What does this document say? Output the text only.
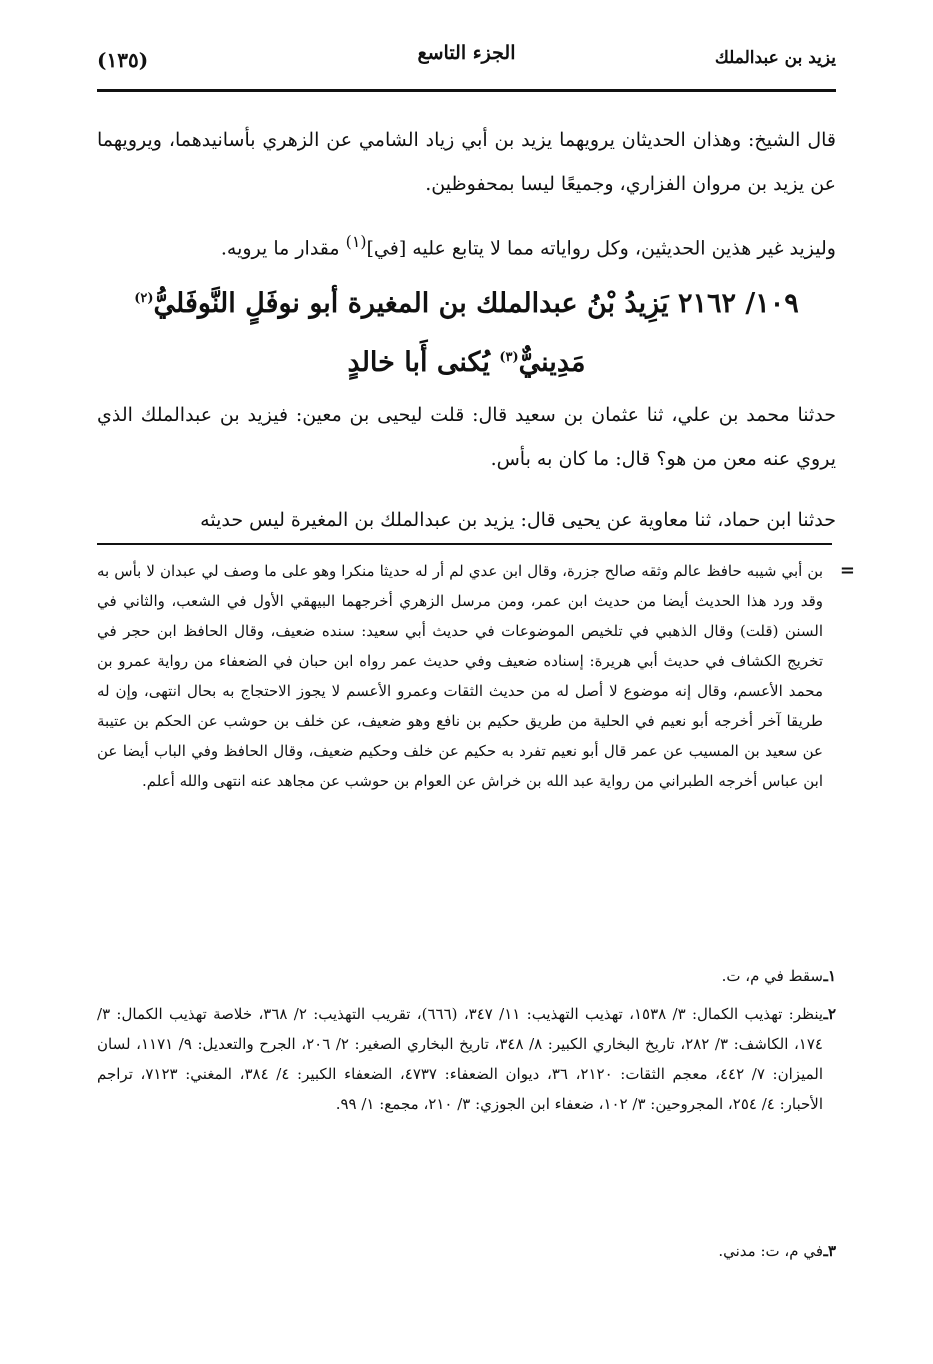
يزيد بن عبدالملك
الجزء التاسع
(١٣٥)
قال الشيخ: وهذان الحديثان يرويهما يزيد بن أبي زياد الشامي عن الزهري بأسانيدهما، ويرويهما عن يزيد بن مروان الفزاري، وجميعًا ليسا بمحفوظين.
وليزيد غير هذين الحديثين، وكل رواياته مما لا يتابع عليه [في]$^{(١)}$ مقدار ما يرويه.
١٠٩/ ٢١٦٢ يَزِيدُ بْنُ عبدالملك بن المغيرة أبو نوفَلٍ النَّوفَليُّ$^{(٢)}$
مَدِينيٌّ$^{(٣)}$ يُكنى أَبا خالدٍ
حدثنا محمد بن علي، ثنا عثمان بن سعيد قال: قلت ليحيى بن معين: فيزيد بن عبدالملك الذي يروي عنه معن من هو؟ قال: ما كان به بأس.
حدثنا ابن حماد، ثنا معاوية عن يحيى قال: يزيد بن عبدالملك بن المغيرة ليس حديثه
=
بن أبي شيبه حافظ عالم وثقه صالح جزرة، وقال ابن عدي لم أر له حديثا منكرا وهو على ما وصف لي عبدان لا بأس به وقد ورد هذا الحديث أيضا من حديث ابن عمر، ومن مرسل الزهري أخرجهما البيهقي الأول في الشعب، والثاني في السنن (قلت) وقال الذهبي في تلخيص الموضوعات في حديث أبي سعيد: سنده ضعيف، وقال الحافظ ابن حجر في تخريج الكشاف في حديث أبي هريرة: إسناده ضعيف وفي حديث عمر رواه ابن حبان في الضعفاء من رواية عمرو بن محمد الأعسم، وقال إنه موضوع لا أصل له من حديث الثقات وعمرو الأعسم لا يجوز الاحتجاج به بحال انتهى، وإن له طريقا آخر أخرجه أبو نعيم في الحلية من طريق حكيم بن نافع وهو ضعيف، عن خلف بن حوشب عن الحكم بن عتيبة عن سعيد بن المسيب عن عمر قال أبو نعيم تفرد به حكيم عن خلف وحكيم ضعيف، وقال الحافظ وفي الباب أيضا عن ابن عباس أخرجه الطبراني من رواية عبد الله بن خراش عن العوام بن حوشب عن مجاهد عنه انتهى والله أعلم.
١ـ
سقط في م، ت.
٢ـ
ينظر: تهذيب الكمال: ٣/ ١٥٣٨، تهذيب التهذيب: ١١/ ٣٤٧، (٦٦٦)، تقريب التهذيب: ٢/ ٣٦٨، خلاصة تهذيب الكمال: ٣/ ١٧٤، الكاشف: ٣/ ٢٨٢، تاريخ البخاري الكبير: ٨/ ٣٤٨، تاريخ البخاري الصغير: ٢/ ٢٠٦، الجرح والتعديل: ٩/ ١١٧١، لسان الميزان: ٧/ ٤٤٢، معجم الثقات: ٢١٢٠، ٣٦، ديوان الضعفاء: ٤٧٣٧، الضعفاء الكبير: ٤/ ٣٨٤، المغني: ٧١٢٣، تراجم الأحبار: ٤/ ٢٥٤، المجروحين: ٣/ ١٠٢، ضعفاء ابن الجوزي: ٣/ ٢١٠، مجمع: ١/ ٩٩.
٣ـ
في م، ت: مدني.
